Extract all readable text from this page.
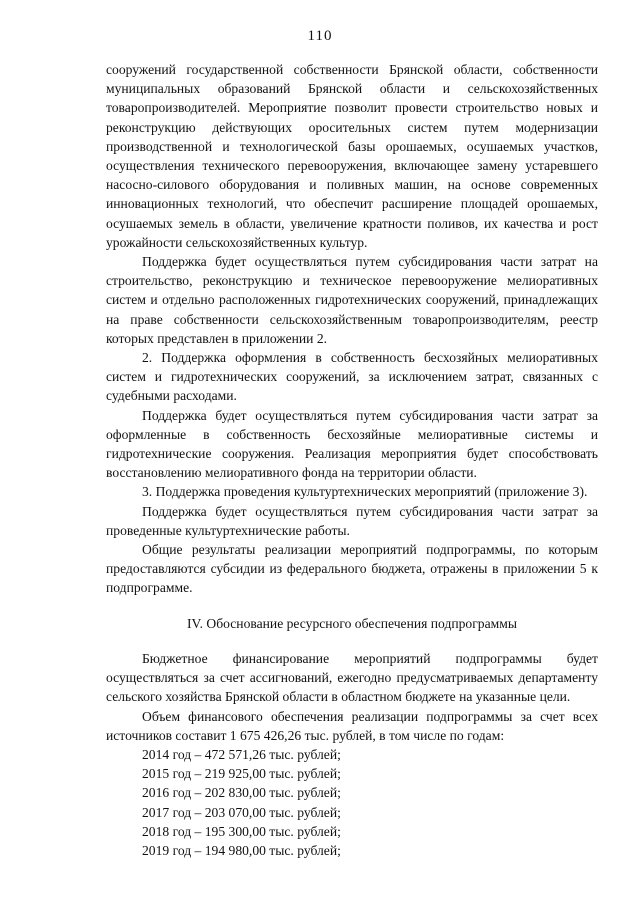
110

сооружений государственной собственности Брянской области, собственности муниципальных образований Брянской области и сельскохозяйственных товаропроизводителей. Мероприятие позволит провести строительство новых и реконструкцию действующих оросительных систем путем модернизации производственной и технологической базы орошаемых, осушаемых участков, осуществления технического перевооружения, включающее замену устаревшего насосно-силового оборудования и поливных машин, на основе современных инновационных технологий, что обеспечит расширение площадей орошаемых, осушаемых земель в области, увеличение кратности поливов, их качества и рост урожайности сельскохозяйственных культур.

Поддержка будет осуществляться путем субсидирования части затрат на строительство, реконструкцию и техническое перевооружение мелиоративных систем и отдельно расположенных гидротехнических сооружений, принадлежащих на праве собственности сельскохозяйственным товаропроизводителям, реестр которых представлен в приложении 2.

2. Поддержка оформления в собственность бесхозяйных мелиоративных систем и гидротехнических сооружений, за исключением затрат, связанных с судебными расходами.

Поддержка будет осуществляться путем субсидирования части затрат за оформленные в собственность бесхозяйные мелиоративные системы и гидротехнические сооружения. Реализация мероприятия будет способствовать восстановлению мелиоративного фонда на территории области.

3. Поддержка проведения культуртехнических мероприятий (приложение 3).

Поддержка будет осуществляться путем субсидирования части затрат за проведенные культуртехнические работы.

Общие результаты реализации мероприятий подпрограммы, по которым предоставляются субсидии из федерального бюджета, отражены в приложении 5 к подпрограмме.

IV. Обоснование ресурсного обеспечения подпрограммы

Бюджетное финансирование мероприятий подпрограммы будет осуществляться за счет ассигнований, ежегодно предусматриваемых департаменту сельского хозяйства Брянской области в областном бюджете на указанные цели.

Объем финансового обеспечения реализации подпрограммы за счет всех источников составит 1 675 426,26 тыс. рублей, в том числе по годам:

2014 год – 472 571,26 тыс. рублей;
2015 год – 219 925,00 тыс. рублей;
2016 год – 202 830,00 тыс. рублей;
2017 год – 203 070,00 тыс. рублей;
2018 год – 195 300,00 тыс. рублей;
2019 год – 194 980,00 тыс. рублей;
